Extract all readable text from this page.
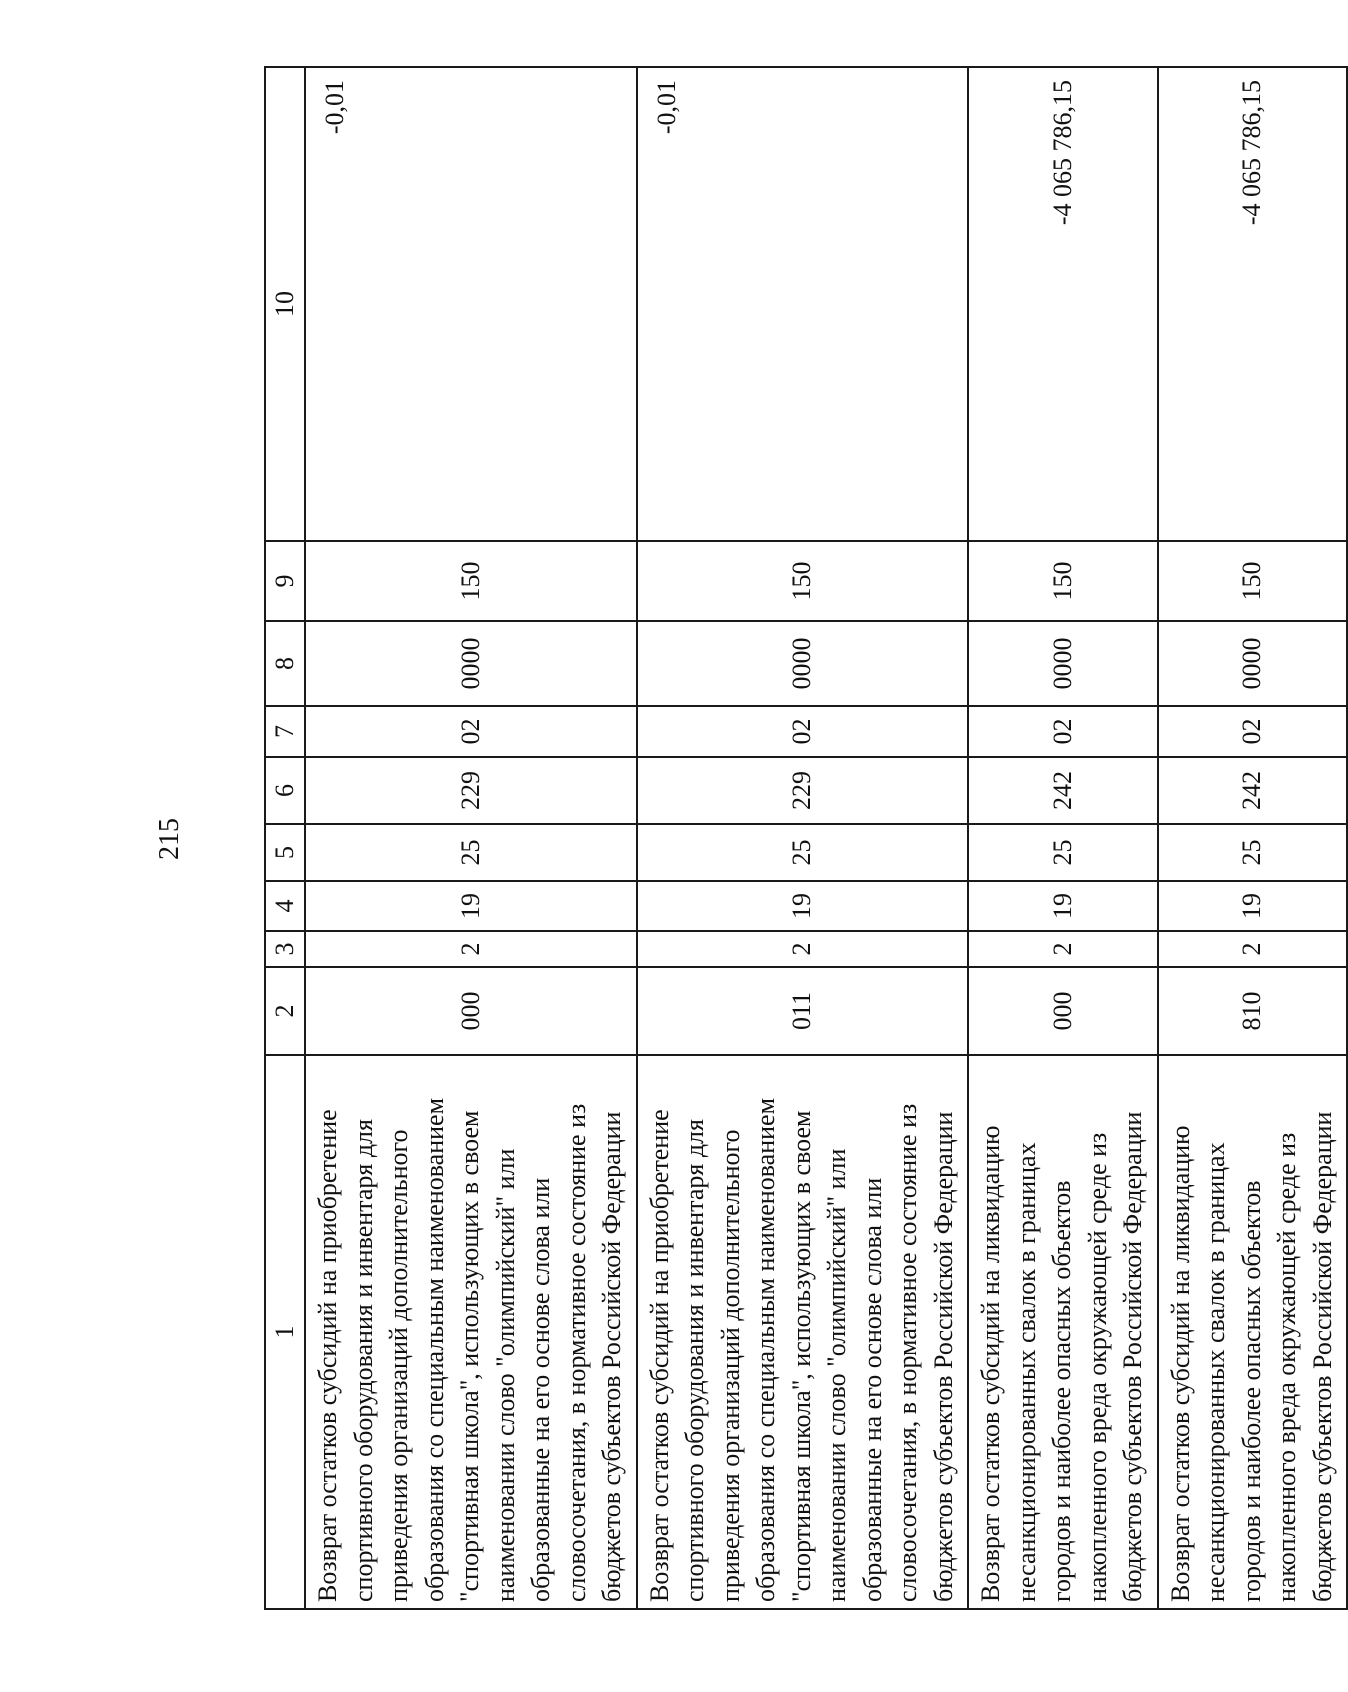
215
1	2	3	4	5	6	7	8	9	10
Возврат остатков субсидий на приобретение спортивного оборудования и инвентаря для приведения организаций дополнительного образования со специальным наименованием "спортивная школа", использующих в своем наименовании слово "олимпийский" или образованные на его основе слова или словосочетания, в нормативное состояние из бюджетов субъектов Российской Федерации	000	2	19	25	229	02	0000	150	-0,01
Возврат остатков субсидий на приобретение спортивного оборудования и инвентаря для приведения организаций дополнительного образования со специальным наименованием "спортивная школа", использующих в своем наименовании слово "олимпийский" или образованные на его основе слова или словосочетания, в нормативное состояние из бюджетов субъектов Российской Федерации	011	2	19	25	229	02	0000	150	-0,01
Возврат остатков субсидий на ликвидацию несанкционированных свалок в границах городов и наиболее опасных объектов накопленного вреда окружающей среде из бюджетов субъектов Российской Федерации	000	2	19	25	242	02	0000	150	-4 065 786,15
Возврат остатков субсидий на ликвидацию несанкционированных свалок в границах городов и наиболее опасных объектов накопленного вреда окружающей среде из бюджетов субъектов Российской Федерации	810	2	19	25	242	02	0000	150	-4 065 786,15
